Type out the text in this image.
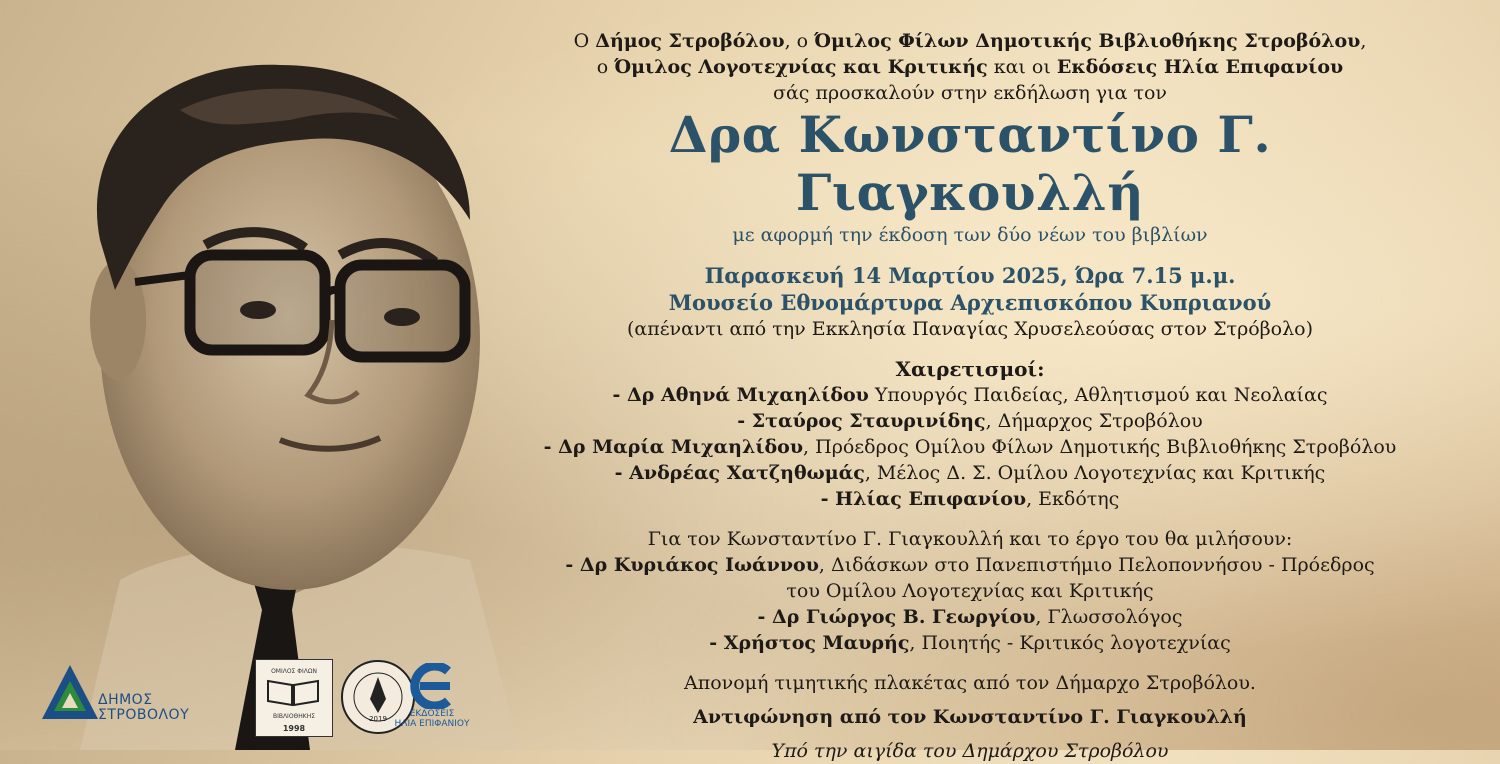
Ο Δήμος Στροβόλου, ο Όμιλος Φίλων Δημοτικής Βιβλιοθήκης Στροβόλου,
ο Όμιλος Λογοτεχνίας και Κριτικής και οι Εκδόσεις Ηλία Επιφανίου
σάς προσκαλούν στην εκδήλωση για τον
Δρα Κωνσταντίνο Γ. Γιαγκουλλή
με αφορμή την έκδοση των δύο νέων του βιβλίων
Παρασκευή 14 Μαρτίου 2025, Ώρα 7.15 μ.μ.
Μουσείο Εθνομάρτυρα Αρχιεπισκόπου Κυπριανού
(απέναντι από την Εκκλησία Παναγίας Χρυσελεούσας στον Στρόβολο)
Χαιρετισμοί:
- Δρ Αθηνά Μιχαηλίδου Υπουργός Παιδείας, Αθλητισμού και Νεολαίας
- Σταύρος Σταυρινίδης, Δήμαρχος Στροβόλου
- Δρ Μαρία Μιχαηλίδου, Πρόεδρος Ομίλου Φίλων Δημοτικής Βιβλιοθήκης Στροβόλου
- Ανδρέας Χατζηθωμάς, Μέλος Δ. Σ. Ομίλου Λογοτεχνίας και Κριτικής
- Ηλίας Επιφανίου, Εκδότης
Για τον Κωνσταντίνο Γ. Γιαγκουλλή και το έργο του θα μιλήσουν:
- Δρ Κυριάκος Ιωάννου, Διδάσκων στο Πανεπιστήμιο Πελοποννήσου - Πρόεδρος
του Ομίλου Λογοτεχνίας και Κριτικής
- Δρ Γιώργος Β. Γεωργίου, Γλωσσολόγος
- Χρήστος Μαυρής, Ποιητής - Κριτικός λογοτεχνίας
Απονομή τιμητικής πλακέτας από τον Δήμαρχο Στροβόλου.
Αντιφώνηση από τον Κωνσταντίνο Γ. Γιαγκουλλή
Υπό την αιγίδα του Δημάρχου Στροβόλου
ΔΗΜΟΣ
ΣΤΡΟΒΟΛΟΥ
ΟΜΙΛΟΣ ΦΙΛΩΝ
ΒΙΒΛΙΟΘΗΚΗΣ
1998
2019	ΕΚΔΟΣΕΙΣ
ΗΛΙΑ ΕΠΙΦΑΝΙΟΥ
